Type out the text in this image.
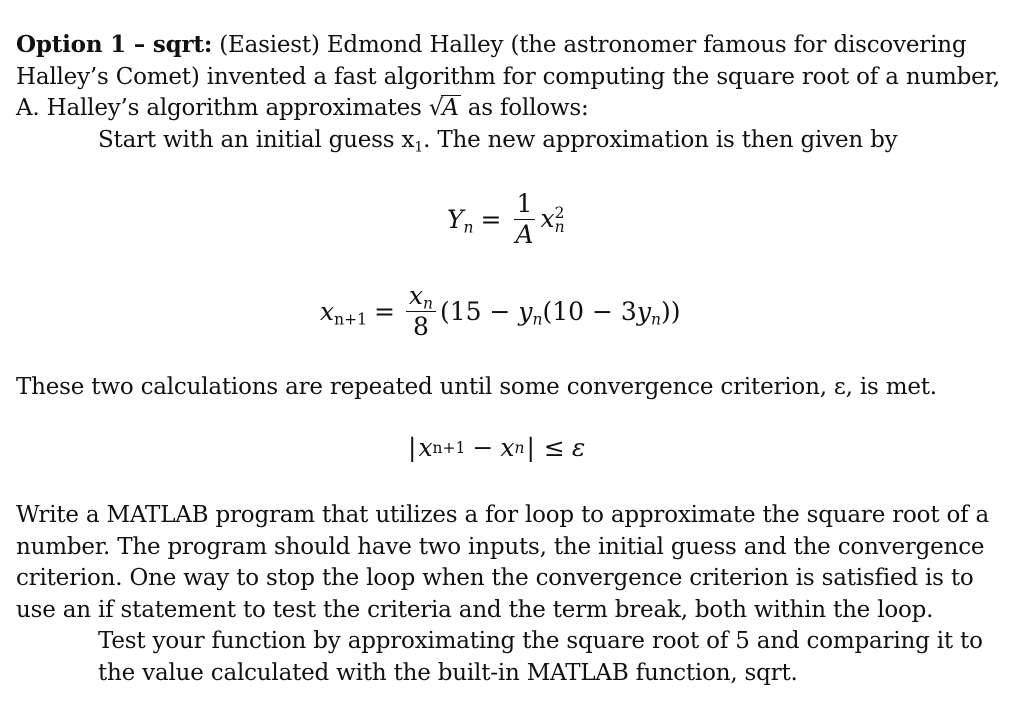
Option 1 – sqrt: (Easiest) Edmond Halley (the astronomer famous for discovering Halley’s Comet) invented a fast algorithm for computing the square root of a number, A. Halley’s algorithm approximates √A as follows:
Start with an initial guess $x_1$. The new approximation is then given by
$Y_n = \frac{1}{A}$ x 2
n
$x_{n+1} = \frac{x_n}{8} (15 - y_n(10 - 3y_n))$
These two calculations are repeated until some convergence criterion, ε, is met.
| x n+1 − x n | ≤ ε
Write a MATLAB program that utilizes a for loop to approximate the square root of a number. The program should have two inputs, the initial guess and the convergence criterion. One way to stop the loop when the convergence criterion is satisfied is to use an if statement to test the criteria and the term break, both within the loop.
Test your function by approximating the square root of 5 and comparing it to the value calculated with the built-in MATLAB function, sqrt.
